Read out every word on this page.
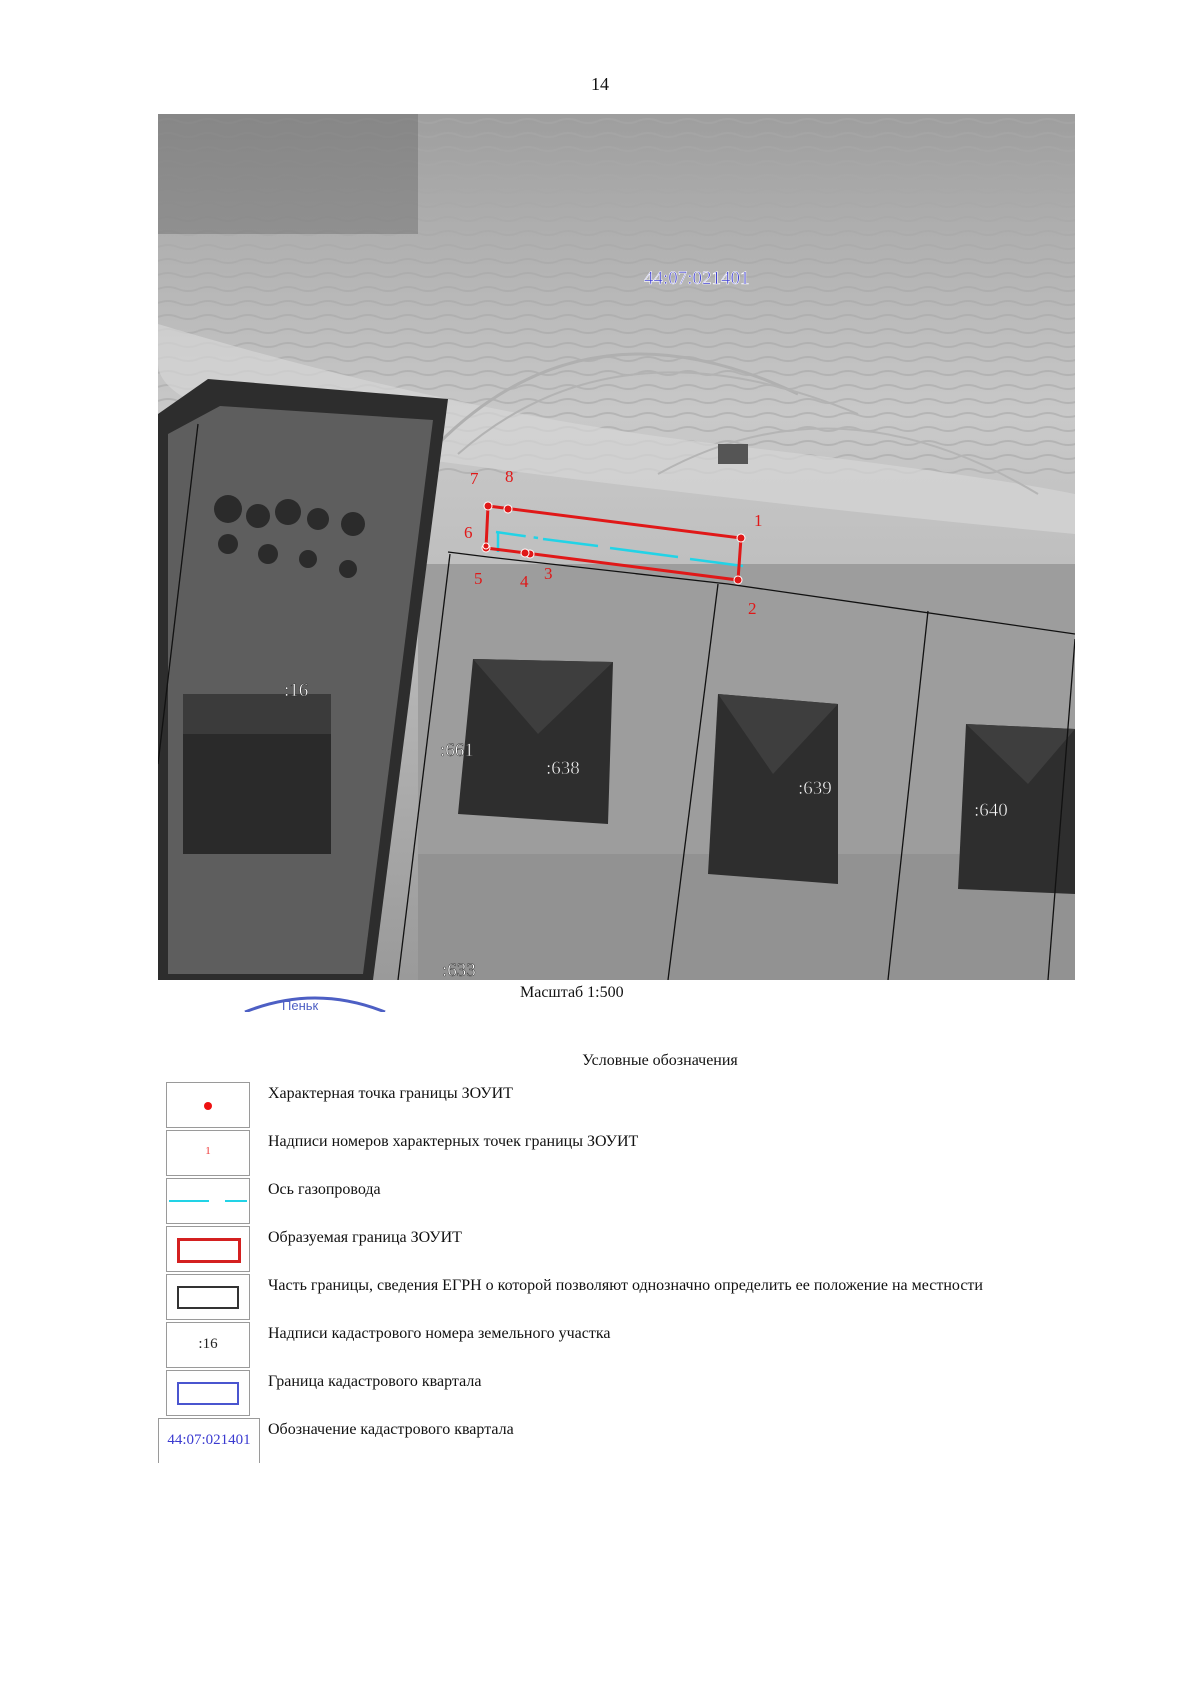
14
1
2
3
4
5
6
7 8
44:07:021401
:16
:661
:638
:639
:640
:633
Пеньк
Масштаб 1:500
Условные обозначения
Характерная точка границы ЗОУИТ
1
Надписи номеров характерных точек границы ЗОУИТ
Ось газопровода
Образуемая граница ЗОУИТ
Часть границы, сведения ЕГРН о которой позволяют однозначно определить ее положение на местности
:16
Надписи кадастрового номера земельного участка
Граница кадастрового квартала
44:07:021401
Обозначение кадастрового квартала
